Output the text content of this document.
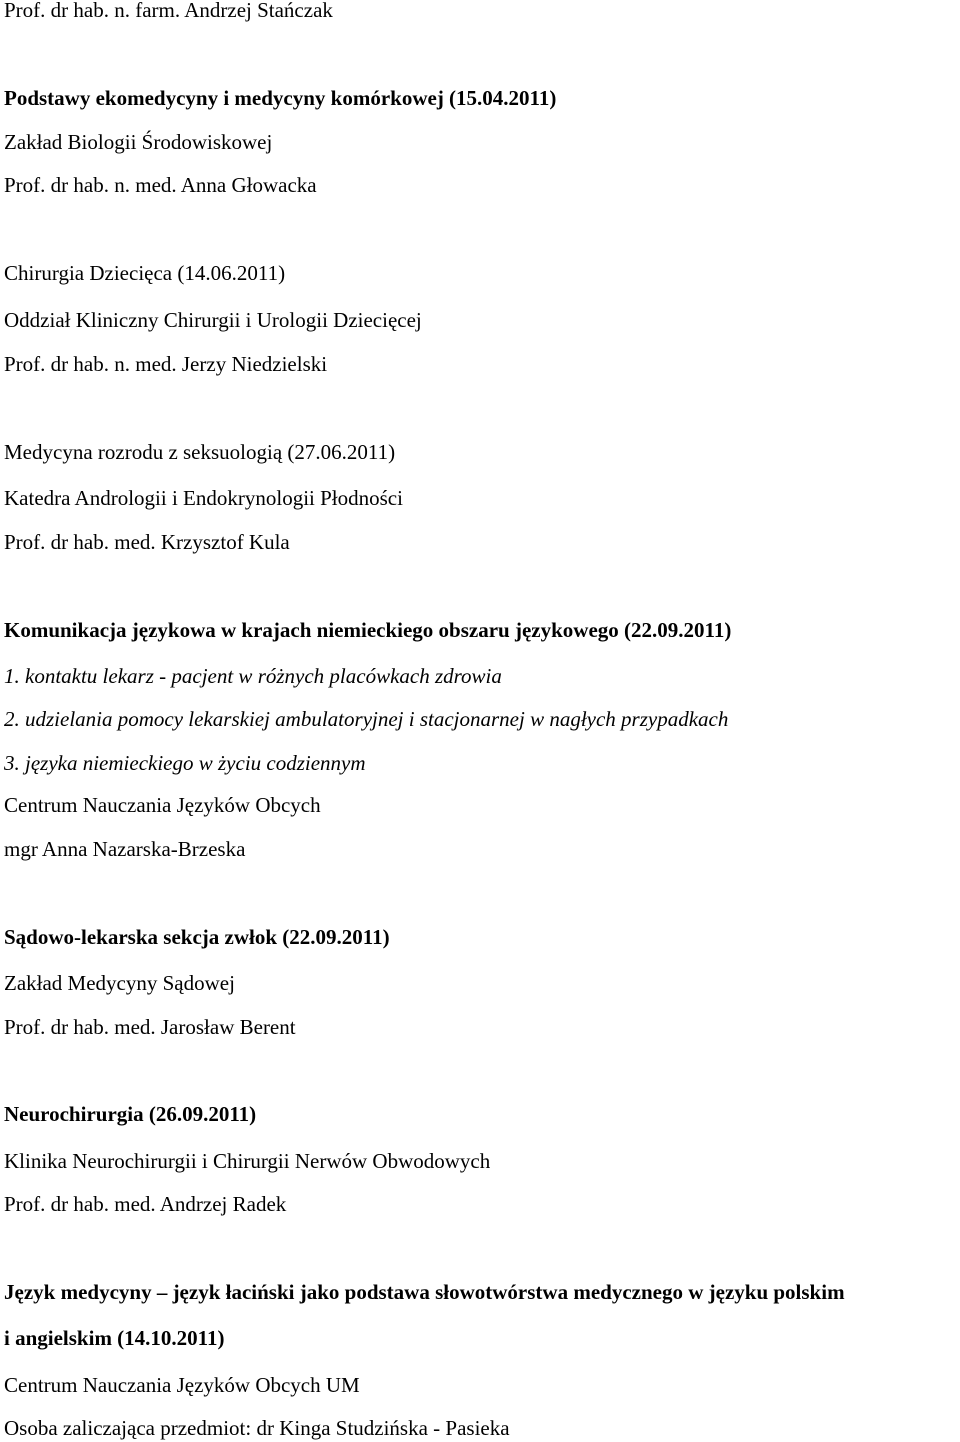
Prof. dr hab. n. farm. Andrzej Stańczak
Podstawy ekomedycyny i medycyny komórkowej (15.04.2011)
Zakład Biologii Środowiskowej
Prof. dr hab. n. med. Anna Głowacka
Chirurgia Dziecięca (14.06.2011)
Oddział Kliniczny Chirurgii i Urologii Dziecięcej
Prof. dr hab. n. med. Jerzy Niedzielski
Medycyna rozrodu z seksuologią (27.06.2011)
Katedra Andrologii i Endokrynologii Płodności
Prof. dr hab. med. Krzysztof Kula
Komunikacja językowa w krajach niemieckiego obszaru językowego (22.09.2011)
1. kontaktu lekarz - pacjent w różnych placówkach zdrowia
2. udzielania pomocy lekarskiej ambulatoryjnej i stacjonarnej w nagłych przypadkach
3. języka niemieckiego w życiu codziennym
Centrum Nauczania Języków Obcych
mgr Anna Nazarska-Brzeska
Sądowo-lekarska sekcja zwłok (22.09.2011)
Zakład Medycyny Sądowej
Prof. dr hab. med. Jarosław Berent
Neurochirurgia (26.09.2011)
Klinika Neurochirurgii i Chirurgii Nerwów Obwodowych
Prof. dr hab. med. Andrzej Radek
Język medycyny – język łaciński jako podstawa słowotwórstwa medycznego w języku polskim
i angielskim (14.10.2011)
Centrum Nauczania Języków Obcych UM
Osoba zaliczająca przedmiot: dr Kinga Studzińska - Pasieka
